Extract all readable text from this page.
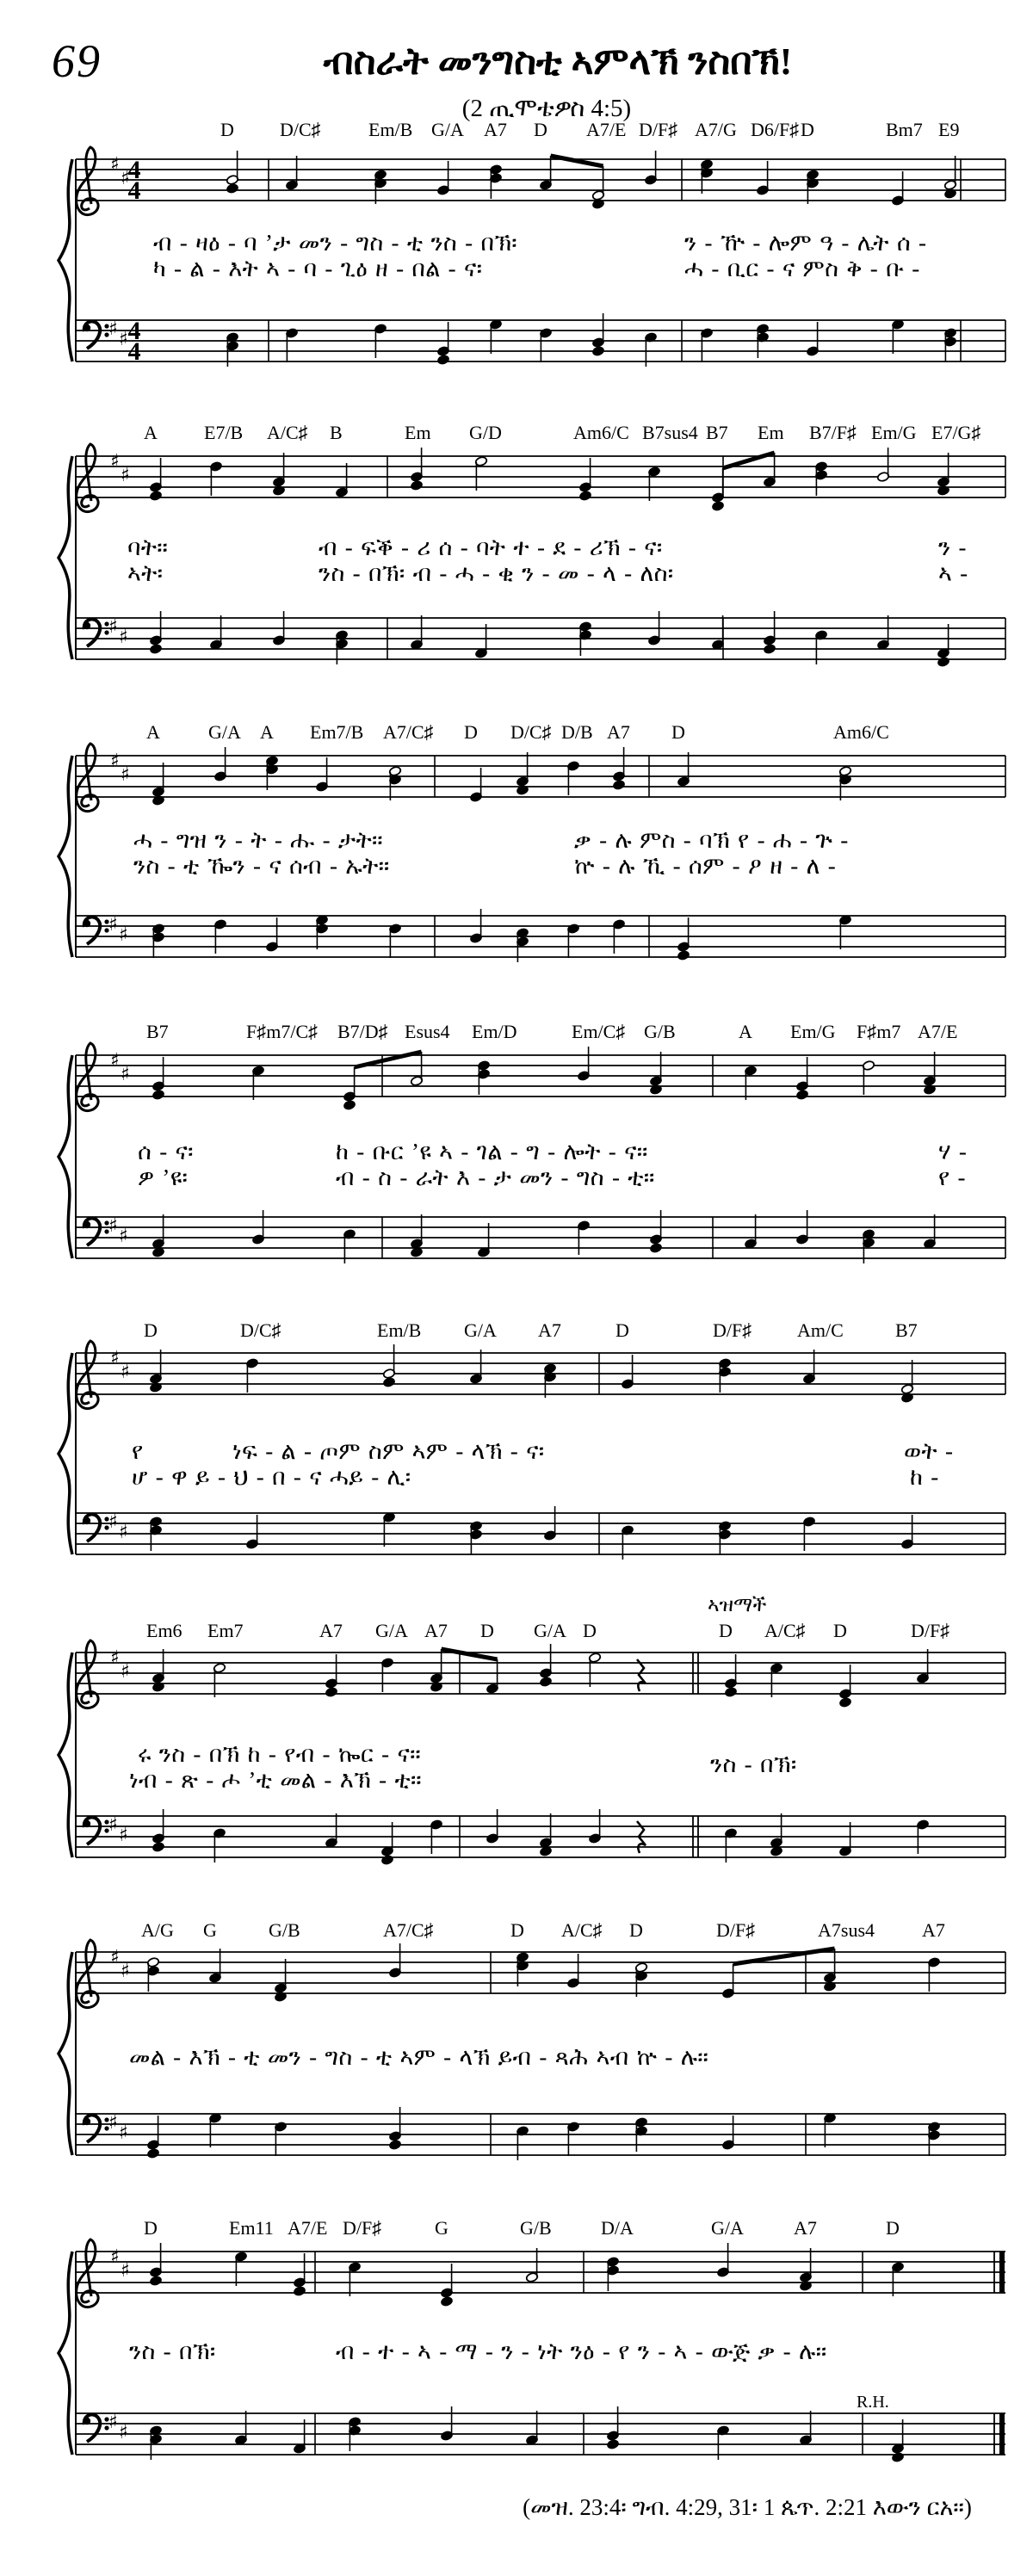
69	ብስራት መንግስቲ ኣምላኽ ንስበኽ!
(2 ጢሞቴዎስ 4:5)
♯
♯
♯ ♯
4
4
4
4
♯
♯
♯ ♯
♯
♯
♯ ♯
♯
♯
♯ ♯
♯
♯
♯ ♯
♯
♯
♯ ♯
♯
♯
♯ ♯
♯
♯
♯ ♯
D D/C♯	Em/B G/A A7 D A7/E D/F♯ A7/G D6/F♯ D	Bm7 E9
ብ - ዛዕ - ባ ’ታ መን - ግስ - ቲ ንስ - በኽ፡	ን - ዅ - ሎም ዓ - ሌት ሰ -
ካ - ል - እት ኣ - ባ - ጊዕ ዘ - በል - ና፡	ሓ - ቢር - ና ምስ ቅ - ቡ -
A E7/B A/C♯ B	Em G/D	Am6/C B7sus4 B7 Em B7/F♯ Em/G E7/G♯
ባት።	ብ - ፍቕ - ሪ ሰ - ባት ተ - ደ - ሪኽ - ና፡	ን -
ኣት፡	ንስ - በኽ፡ ብ - ሓ - ቂ ን - መ - ላ - ለስ፡	ኣ -
A	G/A A Em7/B A7/C♯ D D/C♯ D/B A7 D	Am6/C
ሓ - ግዝ ን - ት - ሑ - ታት።	ቃ - ሉ ምስ - ባኽ የ - ሐ - ጕ -
ንስ - ቲ ዀን - ና ሰብ - ኡት።	ኵ - ሉ ኺ - ሰም - ዖ ዘ - ለ -
B7	F♯m7/C♯ B7/D♯ Esus4 Em/D	Em/C♯ G/B	A Em/G F♯m7 A7/E
ሰ - ና፡	ከ - ቡር ’ዩ ኣ - ገል - ግ - ሎት - ና።	ሃ -
ዎ ’ዩ፡	ብ - ስ - ራት እ - ታ መን - ግስ - ቲ።	የ -
D	D/C♯	Em/B G/A A7	D	D/F♯ Am/C	B7
የ	ነፍ - ል - ጦም ስም ኣም - ላኽ - ና፡	ወት -
ሆ - ዋ ይ - ህ - በ - ና ሓይ - ሊ፡	ከ -
Em6 Em7	A7 G/A A7 D G/A D	D A/C♯ D	D/F♯
ሩ ንስ - በኽ ከ - የብ - ኰር - ና።
ነብ - ጽ - ሖ ’ቲ መል - እኽ - ቲ።
ንስ - በኽ፡
ኣዝማች
A/G G	G/B	A7/C♯	D A/C♯ D	D/F♯	A7sus4 A7
መል - እኽ - ቲ መን - ግስ - ቲ ኣም - ላኽ ይብ - ጻሕ ኣብ ኵ - ሉ።
D	Em11 A7/E D/F♯	G	G/B	D/A	G/A	A7	D
ንስ - በኽ፡	ብ - ተ - ኣ - ማ - ን - ነት ንዕ - የ ን - ኣ - ውጅ ቃ - ሉ።
R.H.
(መዝ. 23:4፡ ግብ. 4:29, 31፡ 1 ጴጥ. 2:21 እውን ርአ።)
